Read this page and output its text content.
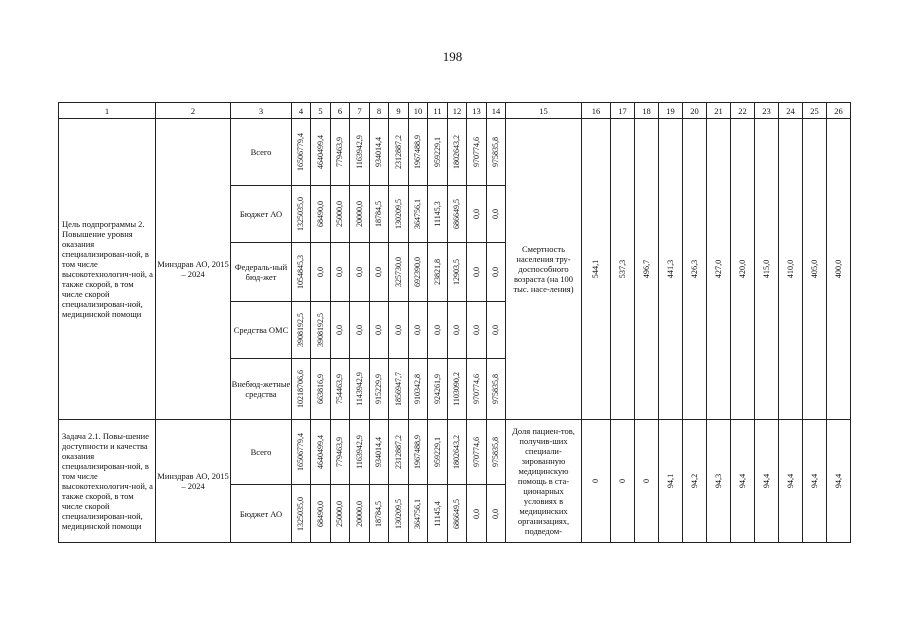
198
1	2	3	4	5	6	7	8	9	10	11	12	13	14	15	16	17	18	19	20	21	22	23	24	25	26
Цель подпрограммы 2. Повышение уровня оказания специализирован-ной, в том числе высокотехнологич-ной, а также скорой, в том числе скорой специализирован-ной, медицинской помощи	Минздрав АО, 2015 – 2024	Всего	16506779,4	4640499,4	779463,9	1163942,9	934014,4	2312887,2	1967488,9	959229,1	1802643,2	970774,6	975835,8	Смертность населения тру-доспособного возраста (на 100 тыс. насе-ления)	544,1	537,3	496,7	441,3	426,3	427,0	420,0	415,0	410,0	405,0	400,0

		Бюджет АО	1325035,0	68490,0	25000,0	20000,0	18784,5	130209,5	364756,1	11145,3	686649,5	0,0	0,0												

		Федераль-ный бюд-жет	1054845,3	0,0	0,0	0,0	0,0	325730,0	692390,0	23821,8	12903,5	0,0	0,0												

		Средства ОМС	3908192,5	3908192,5	0,0	0,0	0,0	0,0	0,0	0,0	0,0	0,0	0,0												

		Внебюд-жетные средства	10218706,6	663816,9	754463,9	1143942,9	915229,9	1856947,7	910342,8	924261,9	1103090,2	970774,6	975835,8												

Задача 2.1. Повы-шение доступности и качества оказания специализирован-ной, в том числе высокотехнологич-ной, а также скорой, в том числе скорой специализирован-ной, медицинской помощи	Минздрав АО, 2015 – 2024	Всего	16506779,4	4640499,4	779463,9	1163942,9	934014,4	2312887,2	1967488,9	959229,1	1802643,2	970774,6	975835,8	Доля пациен-тов, получив-ших специали-зированную медицинскую помощь в ста-ционарных условиях в медицинских организациях, подведом-	0	0	0	94,1	94,2	94,3	94,4	94,4	94,4	94,4	94,4

		Бюджет АО	1325035,0	68490,0	25000,0	20000,0	18784,5	130209,5	364756,1	11145,4	686649,5	0,0	0,0												
